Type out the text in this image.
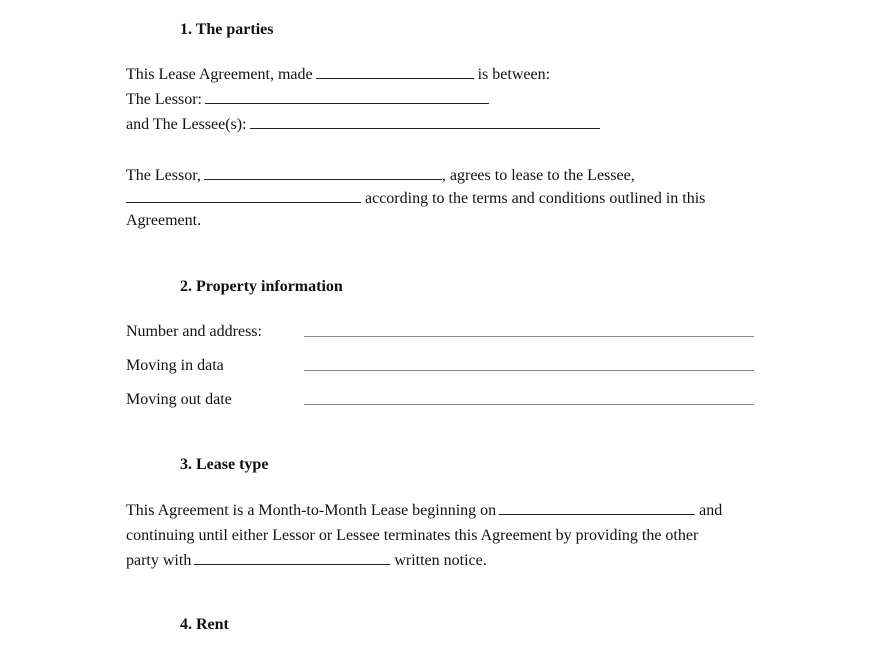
1. The parties
This Lease Agreement, made	is between:
The Lessor:
and The Lessee(s):
The Lessor,	, agrees to lease to the Lessee,
according to the terms and conditions outlined in this
Agreement.
2. Property information
Number and address:
Moving in data
Moving out date
3. Lease type
This Agreement is a Month-to-Month Lease beginning on	and
continuing until either Lessor or Lessee terminates this Agreement by providing the other
party with	written notice.
4. Rent
